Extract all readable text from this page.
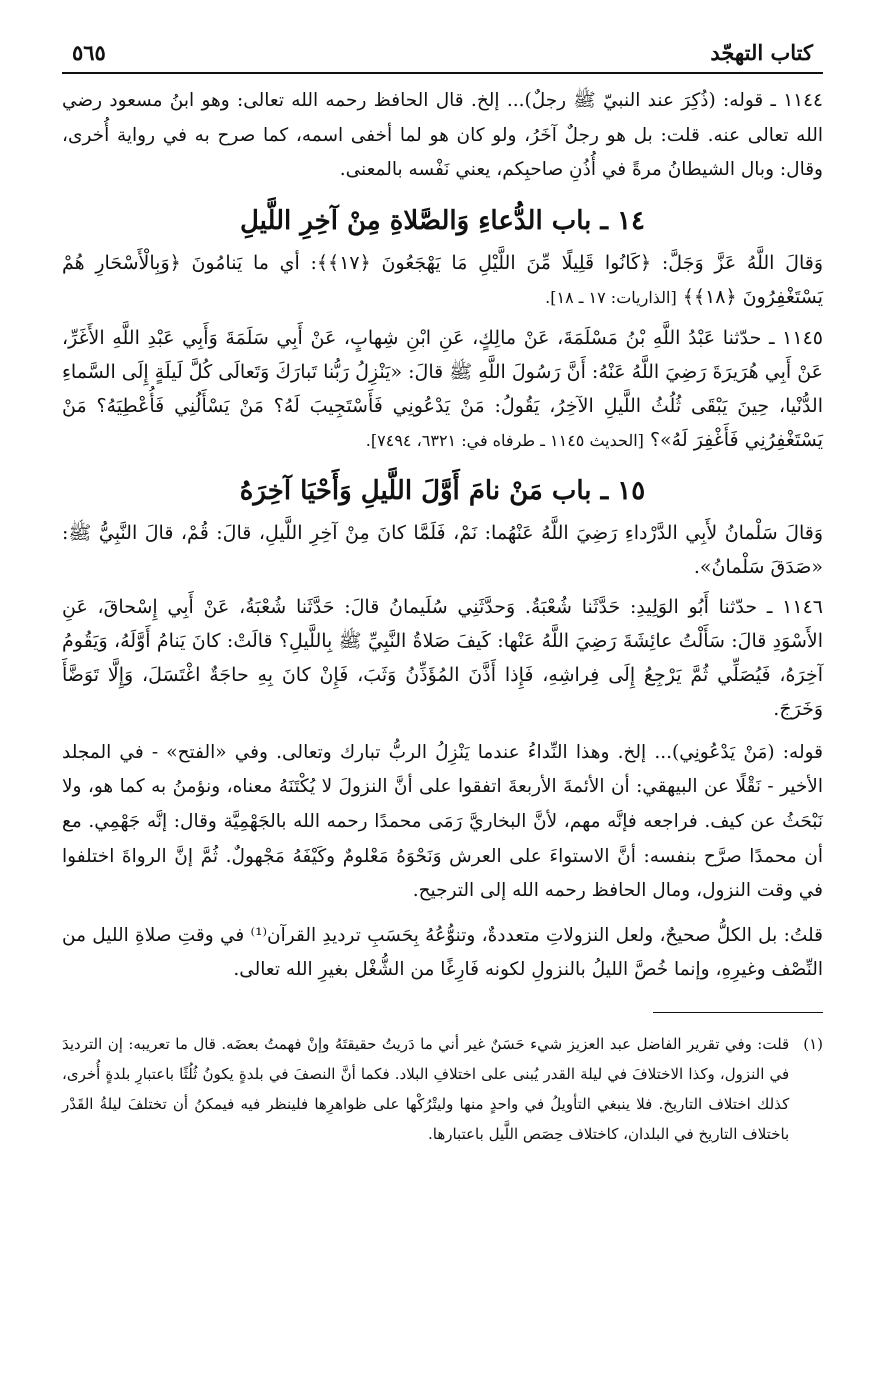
كتاب التهجّد
٥٦٥

١١٤٤ ـ قوله: (ذُكِرَ عند النبيّ ﷺ رجلٌ)... إلخ. قال الحافظ رحمه الله تعالى: وهو ابنُ مسعود رضي الله تعالى عنه. قلت: بل هو رجلٌ آخَرُ، ولو كان هو لما أخفى اسمه، كما صرح به في رواية أُخرى، وقال: وبال الشيطانُ مرةً في أُذُنِ صاحبِكم، يعني نَفْسه بالمعنى.

١٤ ـ باب الدُّعاءِ وَالصَّلاةِ مِنْ آخِرِ اللَّيلِ

وَقالَ اللَّهُ عَزَّ وَجَلَّ: ﴿كَانُوا قَلِيلًا مِّنَ اللَّيْلِ مَا يَهْجَعُونَ ﴿١٧﴾﴾: أي ما يَنامُونَ ﴿وَبِالْأَسْحَارِ هُمْ يَسْتَغْفِرُونَ ﴿١٨﴾﴾ [الذاريات: ١٧ ـ ١٨].

١١٤٥ ـ حدّثنا عَبْدُ اللَّهِ بْنُ مَسْلَمَةَ، عَنْ مالِكٍ، عَنِ ابْنِ شِهابٍ، عَنْ أَبِي سَلَمَةَ وَأَبِي عَبْدِ اللَّهِ الأَغَرِّ، عَنْ أَبِي هُرَيرَةَ رَضِيَ اللَّهُ عَنْهُ: أَنَّ رَسُولَ اللَّهِ ﷺ قالَ: «يَنْزِلُ رَبُّنا تَبارَكَ وَتَعالَى كُلَّ لَيلَةٍ إِلَى السَّماءِ الدُّنْيا، حِينَ يَبْقَى ثُلُثُ اللَّيلِ الآخِرُ، يَقُولُ: مَنْ يَدْعُونِي فَأَسْتَجِيبَ لَهُ؟ مَنْ يَسْأَلُنِي فَأُعْطِيَهُ؟ مَنْ يَسْتَغْفِرُنِي فَأَغْفِرَ لَهُ»؟ [الحديث ١١٤٥ ـ طرفاه في: ٦٣٢١، ٧٤٩٤].

١٥ ـ باب مَنْ نامَ أَوَّلَ اللَّيلِ وَأَحْيَا آخِرَهُ

وَقالَ سَلْمانُ لأَبِي الدَّرْداءِ رَضِيَ اللَّهُ عَنْهُما: نَمْ، فَلَمَّا كانَ مِنْ آخِرِ اللَّيلِ، قالَ: قُمْ، قالَ النَّبِيُّ ﷺ: «صَدَقَ سَلْمانُ».

١١٤٦ ـ حدّثنا أَبُو الوَلِيدِ: حَدَّثَنا شُعْبَةُ. وَحدَّثَنِي سُلَيمانُ قالَ: حَدَّثَنا شُعْبَةُ، عَنْ أَبِي إِسْحاقَ، عَنِ الأَسْوَدِ قالَ: سَأَلْتُ عائِشَةَ رَضِيَ اللَّهُ عَنْها: كَيفَ صَلاةُ النَّبِيِّ ﷺ بِاللَّيلِ؟ قالَتْ: كانَ يَنامُ أَوَّلَهُ، وَيَقُومُ آخِرَهُ، فَيُصَلِّي ثُمَّ يَرْجِعُ إِلَى فِراشِهِ، فَإِذا أَذَّنَ المُؤَذِّنُ وَثَبَ، فَإِنْ كانَ بِهِ حاجَةٌ اغْتَسَلَ، وَإِلَّا تَوَضَّأَ وَخَرَجَ.

قوله: (مَنْ يَدْعُونِي)... إلخ. وهذا النِّداءُ عندما يَنْزِلُ الربُّ تبارك وتعالى. وفي «الفتح» - في المجلد الأخير - نَقْلًا عن البيهقي: أن الأئمةَ الأربعةَ اتفقوا على أنَّ النزولَ لا يُكْتَنَهُ معناه، ونؤمنُ به كما هو، ولا نَبْحَثُ عن كيف. فراجعه فإنَّه مهم، لأنَّ البخاريَّ رَمَى محمدًا رحمه الله بالجَهْمِيَّة وقال: إنَّه جَهْمِي. مع أن محمدًا صرَّح بنفسه: أنَّ الاستواءَ على العرش وَنَحْوَهُ مَعْلومٌ وكَيْفَهُ مَجْهولٌ. ثُمَّ إنَّ الرواةَ اختلفوا في وقت النزول، ومال الحافظ رحمه الله إلى الترجيح.

قلتُ: بل الكلُّ صحيحٌ، ولعل النزولاتِ متعددةٌ، وتنوُّعُهُ بِحَسَبِ ترديدِ القرآن⁽¹⁾ في وقتِ صلاةِ الليل من النِّصْف وغيرِهِ، وإنما خُصَّ الليلُ بالنزولِ لكونه فَارِغًا من الشُّغْل بغيرِ الله تعالى.

(١)

قلت: وفي تقرير الفاضل عبد العزيز شيء حَسَنٌ غير أني ما دَريتُ حقيقتَهُ وإنْ فهمتُ بعضَه. قال ما تعريبه: إن الترديدَ في النزول، وكذا الاختلافَ في ليلة القدر يُبنى على اختلافِ البلاد. فكما أنَّ النصفَ في بلدةٍ يكونُ ثُلُثًا باعتبارِ بلدةٍ أُخرى، كذلك اختلاف التاريخ. فلا ينبغي التأويلُ في واحدٍ منها وليتْرُكْها على ظواهرِها فلينظر فيه فيمكنُ أن تختلفَ ليلةُ القَدْر باختلاف التاريخ في البلدان، كاختلاف حِصَص اللَّيل باعتبارها.
